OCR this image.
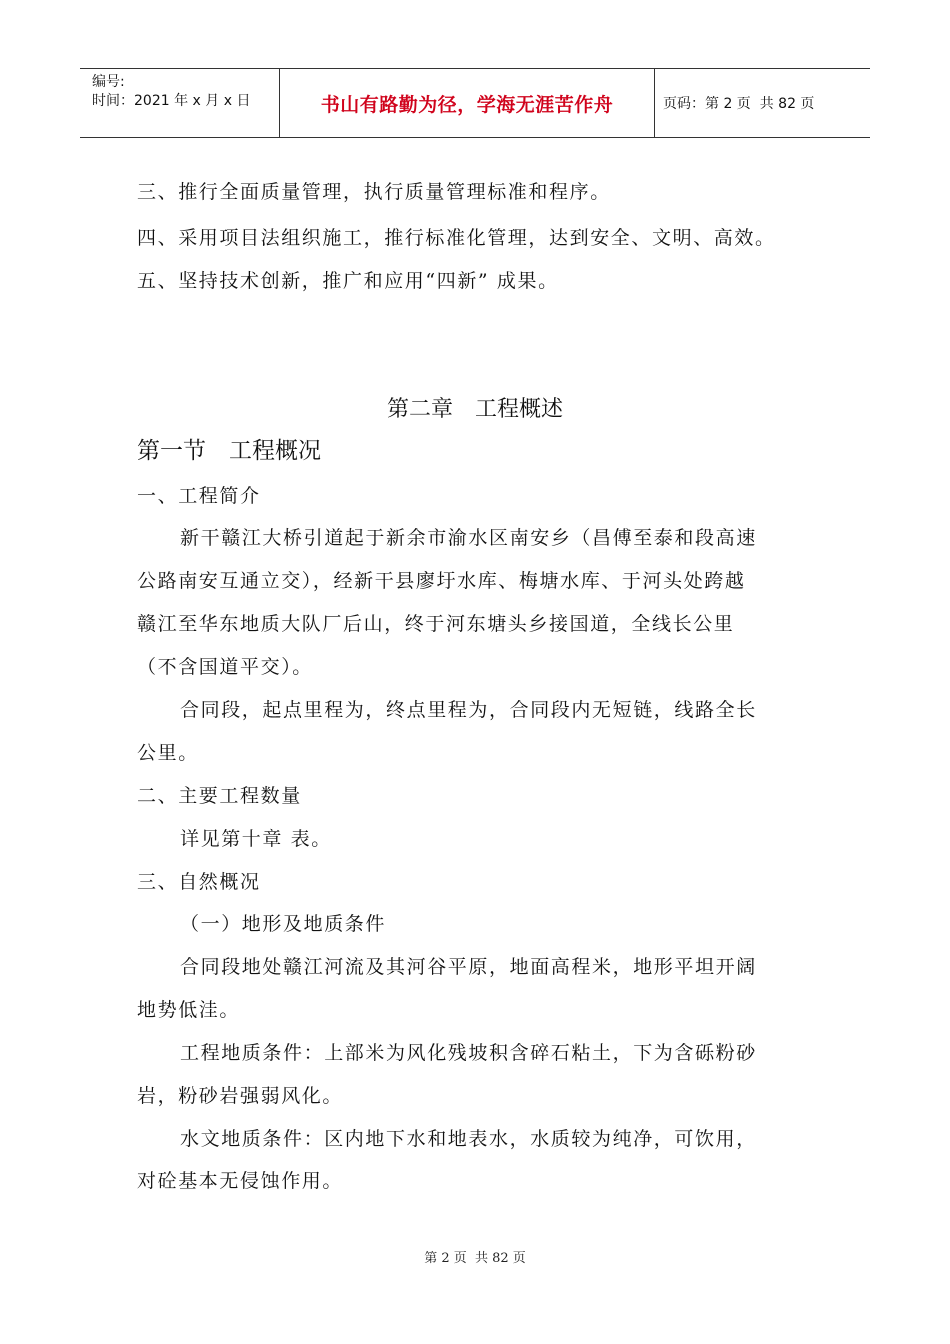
编号:
时间：2021 年 x 月 x 日	书山有路勤为径，学海无涯苦作舟	页码：第 2 页  共 82 页
三、推行全面质量管理，执行质量管理标准和程序。
四、采用项目法组织施工，推行标准化管理，达到安全、文明、高效。
五、坚持技术创新，推广和应用“四新” 成果。
第二章　工程概述
第一节　工程概况
一、工程简介
新干赣江大桥引道起于新余市渝水区南安乡（昌傅至泰和段高速
公路南安互通立交），经新干县廖圩水库、梅塘水库、于河头处跨越
赣江至华东地质大队厂后山，终于河东塘头乡接国道，全线长公里
（不含国道平交）。
合同段，起点里程为，终点里程为，合同段内无短链，线路全长
公里。
二、主要工程数量
详见第十章 表。
三、自然概况
（一）地形及地质条件
合同段地处赣江河流及其河谷平原，地面高程米，地形平坦开阔
地势低洼。
工程地质条件：上部米为风化残坡积含碎石粘土，下为含砾粉砂
岩，粉砂岩强弱风化。
水文地质条件：区内地下水和地表水，水质较为纯净，可饮用，
对砼基本无侵蚀作用。
第 2 页  共 82 页
